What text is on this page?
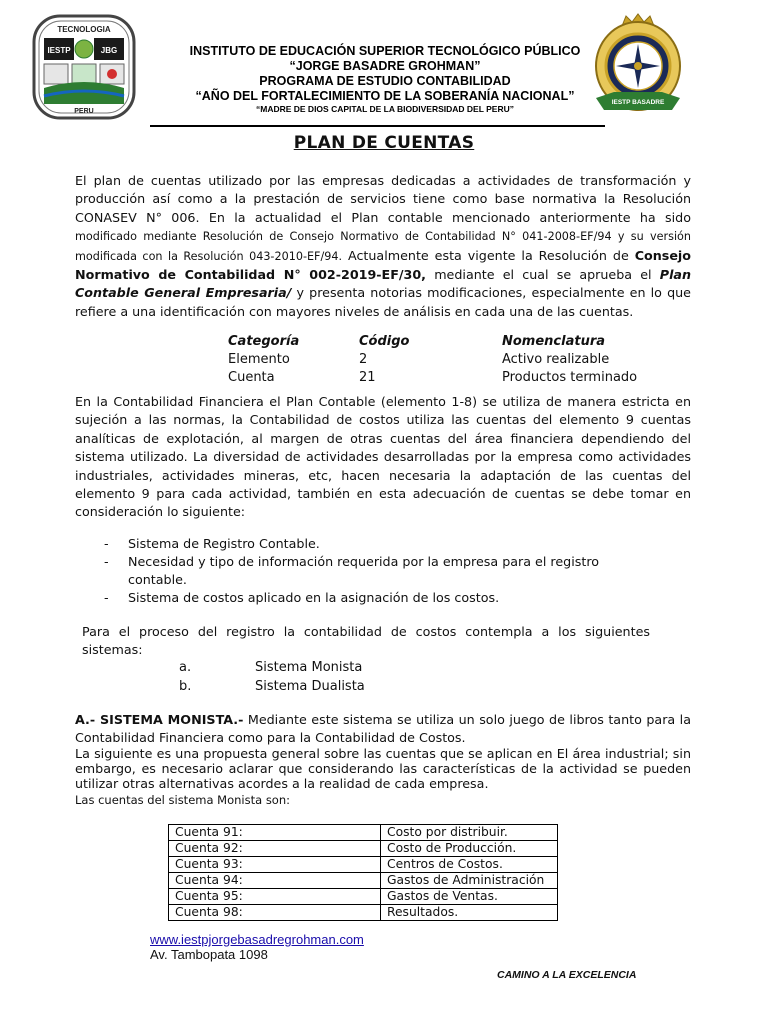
TECNOLOGIA
IESTP	JBG
PERU
IESTP BASADRE
INSTITUTO DE EDUCACIÓN SUPERIOR TECNOLÓGICO PÚBLICO
“JORGE BASADRE GROHMAN”
PROGRAMA DE ESTUDIO CONTABILIDAD
“AÑO DEL FORTALECIMIENTO DE LA SOBERANÍA NACIONAL”
“MADRE DE DIOS CAPITAL DE LA BIODIVERSIDAD DEL PERU”
PLAN DE CUENTAS
El plan de cuentas utilizado por las empresas dedicadas a actividades de transformación y producción así como a la prestación de servicios tiene como base normativa la Resolución CONASEV N° 006. En la actualidad el Plan contable mencionado anteriormente ha sido modificado mediante Resolución de Consejo Normativo de Contabilidad N° 041-2008-EF/94 y su versión modificada con la Resolución 043-2010-EF/94. Actualmente esta vigente la Resolución de Consejo Normativo de Contabilidad N° 002-2019-EF/30, mediante el cual se aprueba el Plan Contable General Empresaria/ y presenta notorias modificaciones, especialmente en lo que refiere a una identificación con mayores niveles de análisis en cada una de las cuentas.
Categoría	Código	Nomenclatura
Elemento	2	Activo realizable
Cuenta	21	Productos terminado
En la Contabilidad Financiera el Plan Contable (elemento 1-8) se utiliza de manera estricta en sujeción a las normas, la Contabilidad de costos utiliza las cuentas del elemento 9 cuentas analíticas de explotación, al margen de otras cuentas del área financiera dependiendo del sistema utilizado. La diversidad de actividades desarrolladas por la empresa como actividades industriales, actividades mineras, etc, hacen necesaria la adaptación de las cuentas del elemento 9 para cada actividad, también en esta adecuación de cuentas se debe tomar en consideración lo siguiente:
- Sistema de Registro Contable.
- Necesidad y tipo de información requerida por la empresa para el registro contable.
- Sistema de costos aplicado en la asignación de los costos.
Para el proceso del registro la contabilidad de costos contempla a los siguientes sistemas:
a.	Sistema Monista
b.	Sistema Dualista
A.- SISTEMA MONISTA.- Mediante este sistema se utiliza un solo juego de libros tanto para la Contabilidad Financiera como para la Contabilidad de Costos.
La siguiente es una propuesta general sobre las cuentas que se aplican en El área industrial; sin embargo, es necesario aclarar que considerando las características de la actividad se pueden utilizar otras alternativas acordes a la realidad de cada empresa.
Las cuentas del sistema Monista son:
Cuenta 91:	Costo por distribuir.
Cuenta 92:	Costo de Producción.
Cuenta 93:	Centros de Costos.
Cuenta 94:	Gastos de Administración
Cuenta 95:	Gastos de Ventas.
Cuenta 98:	Resultados.
www.iestpjorgebasadregrohman.com
Av. Tambopata 1098
CAMINO A LA EXCELENCIA
